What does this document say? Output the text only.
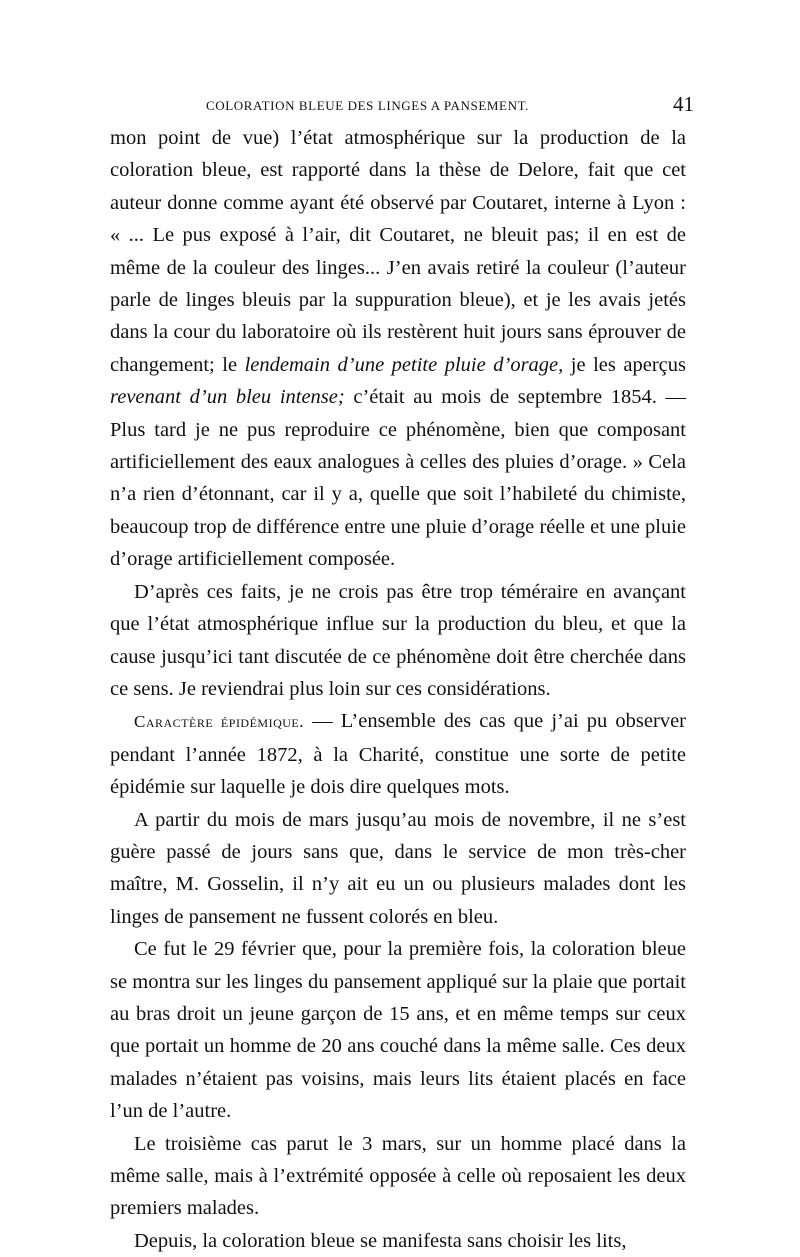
COLORATION BLEUE DES LINGES A PANSEMENT.	41

mon point de vue) l’état atmosphérique sur la production de la coloration bleue, est rapporté dans la thèse de Delore, fait que cet auteur donne comme ayant été observé par Coutaret, interne à Lyon : « ... Le pus exposé à l’air, dit Coutaret, ne bleuit pas; il en est de même de la couleur des linges... J’en avais retiré la couleur (l’auteur parle de linges bleuis par la suppuration bleue), et je les avais jetés dans la cour du laboratoire où ils restèrent huit jours sans éprouver de changement; le lendemain d’une petite pluie d’orage, je les aperçus revenant d’un bleu intense; c’était au mois de septembre 1854. — Plus tard je ne pus reproduire ce phénomène, bien que composant artificiellement des eaux analogues à celles des pluies d’orage. » Cela n’a rien d’étonnant, car il y a, quelle que soit l’habileté du chimiste, beaucoup trop de différence entre une pluie d’orage réelle et une pluie d’orage artificiellement composée.

D’après ces faits, je ne crois pas être trop téméraire en avançant que l’état atmosphérique influe sur la production du bleu, et que la cause jusqu’ici tant discutée de ce phénomène doit être cherchée dans ce sens. Je reviendrai plus loin sur ces considérations.

Caractère épidémique. — L’ensemble des cas que j’ai pu observer pendant l’année 1872, à la Charité, constitue une sorte de petite épidémie sur laquelle je dois dire quelques mots.

A partir du mois de mars jusqu’au mois de novembre, il ne s’est guère passé de jours sans que, dans le service de mon très-cher maître, M. Gosselin, il n’y ait eu un ou plusieurs malades dont les linges de pansement ne fussent colorés en bleu.

Ce fut le 29 février que, pour la première fois, la coloration bleue se montra sur les linges du pansement appliqué sur la plaie que portait au bras droit un jeune garçon de 15 ans, et en même temps sur ceux que portait un homme de 20 ans couché dans la même salle. Ces deux malades n’étaient pas voisins, mais leurs lits étaient placés en face l’un de l’autre.

Le troisième cas parut le 3 mars, sur un homme placé dans la même salle, mais à l’extrémité opposée à celle où reposaient les deux premiers malades.

Depuis, la coloration bleue se manifesta sans choisir les lits,
